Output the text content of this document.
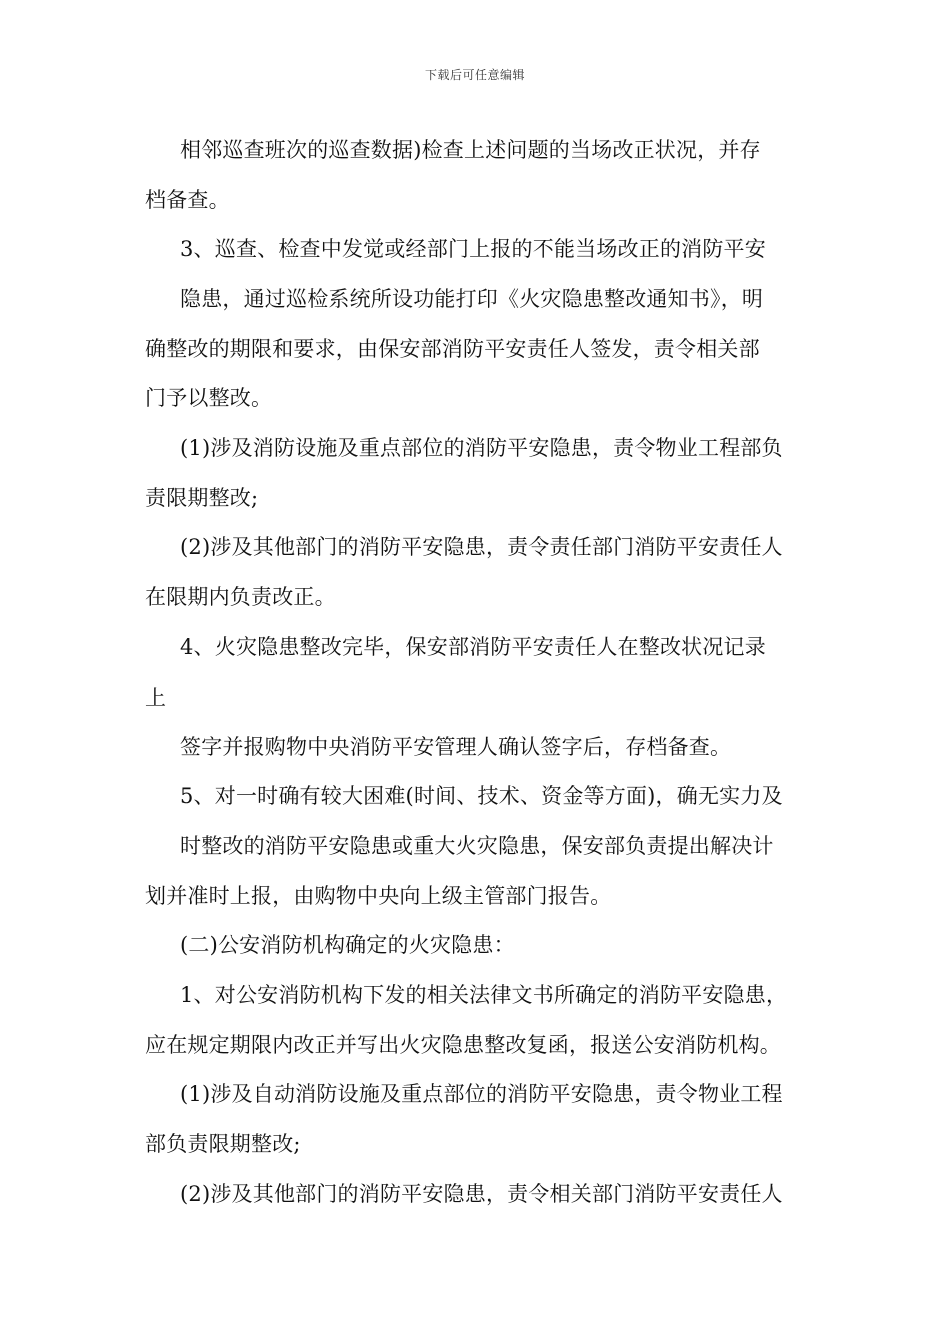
下载后可任意编辑
相邻巡查班次的巡查数据)检查上述问题的当场改正状况，并存
档备查。
3、巡查、检查中发觉或经部门上报的不能当场改正的消防平安
隐患，通过巡检系统所设功能打印《火灾隐患整改通知书》，明
确整改的期限和要求，由保安部消防平安责任人签发，责令相关部
门予以整改。
(1)涉及消防设施及重点部位的消防平安隐患，责令物业工程部负
责限期整改;
(2)涉及其他部门的消防平安隐患，责令责任部门消防平安责任人
在限期内负责改正。
4、火灾隐患整改完毕，保安部消防平安责任人在整改状况记录
上
签字并报购物中央消防平安管理人确认签字后，存档备查。
5、对一时确有较大困难(时间、技术、资金等方面)，确无实力及
时整改的消防平安隐患或重大火灾隐患，保安部负责提出解决计
划并准时上报，由购物中央向上级主管部门报告。
(二)公安消防机构确定的火灾隐患：
1、对公安消防机构下发的相关法律文书所确定的消防平安隐患，
应在规定期限内改正并写出火灾隐患整改复函，报送公安消防机构。
(1)涉及自动消防设施及重点部位的消防平安隐患，责令物业工程
部负责限期整改;
(2)涉及其他部门的消防平安隐患，责令相关部门消防平安责任人
